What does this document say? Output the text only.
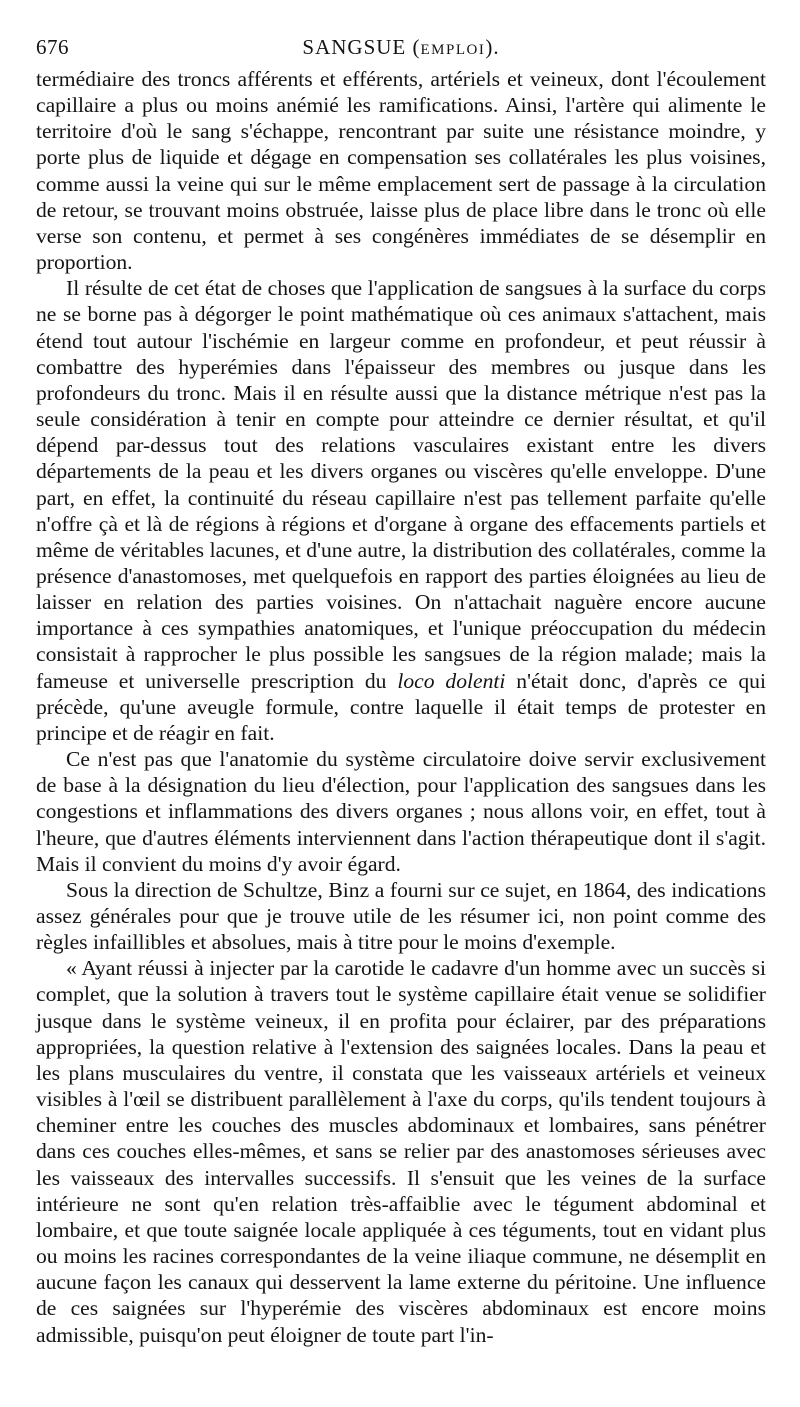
676	SANGSUE (emploi).

termédiaire des troncs afférents et efférents, artériels et veineux, dont l'écoulement capillaire a plus ou moins anémié les ramifications. Ainsi, l'artère qui alimente le territoire d'où le sang s'échappe, rencontrant par suite une résistance moindre, y porte plus de liquide et dégage en compensation ses collatérales les plus voisines, comme aussi la veine qui sur le même emplacement sert de passage à la circulation de retour, se trouvant moins obstruée, laisse plus de place libre dans le tronc où elle verse son contenu, et permet à ses congénères immédiates de se désemplir en proportion.

Il résulte de cet état de choses que l'application de sangsues à la surface du corps ne se borne pas à dégorger le point mathématique où ces animaux s'attachent, mais étend tout autour l'ischémie en largeur comme en profondeur, et peut réussir à combattre des hyperémies dans l'épaisseur des membres ou jusque dans les profondeurs du tronc. Mais il en résulte aussi que la distance métrique n'est pas la seule considération à tenir en compte pour atteindre ce dernier résultat, et qu'il dépend par-dessus tout des relations vasculaires existant entre les divers départements de la peau et les divers organes ou viscères qu'elle enveloppe. D'une part, en effet, la continuité du réseau capillaire n'est pas tellement parfaite qu'elle n'offre çà et là de régions à régions et d'organe à organe des effacements partiels et même de véritables lacunes, et d'une autre, la distribution des collatérales, comme la présence d'anastomoses, met quelquefois en rapport des parties éloignées au lieu de laisser en relation des parties voisines. On n'attachait naguère encore aucune importance à ces sympathies anatomiques, et l'unique préoccupation du médecin consistait à rapprocher le plus possible les sangsues de la région malade; mais la fameuse et universelle prescription du loco dolenti n'était donc, d'après ce qui précède, qu'une aveugle formule, contre laquelle il était temps de protester en principe et de réagir en fait.

Ce n'est pas que l'anatomie du système circulatoire doive servir exclusivement de base à la désignation du lieu d'élection, pour l'application des sangsues dans les congestions et inflammations des divers organes ; nous allons voir, en effet, tout à l'heure, que d'autres éléments interviennent dans l'action thérapeutique dont il s'agit. Mais il convient du moins d'y avoir égard.

Sous la direction de Schultze, Binz a fourni sur ce sujet, en 1864, des indications assez générales pour que je trouve utile de les résumer ici, non point comme des règles infaillibles et absolues, mais à titre pour le moins d'exemple.

« Ayant réussi à injecter par la carotide le cadavre d'un homme avec un succès si complet, que la solution à travers tout le système capillaire était venue se solidifier jusque dans le système veineux, il en profita pour éclairer, par des préparations appropriées, la question relative à l'extension des saignées locales. Dans la peau et les plans musculaires du ventre, il constata que les vaisseaux artériels et veineux visibles à l'œil se distribuent parallèlement à l'axe du corps, qu'ils tendent toujours à cheminer entre les couches des muscles abdominaux et lombaires, sans pénétrer dans ces couches elles-mêmes, et sans se relier par des anastomoses sérieuses avec les vaisseaux des intervalles successifs. Il s'ensuit que les veines de la surface intérieure ne sont qu'en relation très-affaiblie avec le tégument abdominal et lombaire, et que toute saignée locale appliquée à ces téguments, tout en vidant plus ou moins les racines correspondantes de la veine iliaque commune, ne désemplit en aucune façon les canaux qui desservent la lame externe du péritoine. Une influence de ces saignées sur l'hyperémie des viscères abdominaux est encore moins admissible, puisqu'on peut éloigner de toute part l'in-
